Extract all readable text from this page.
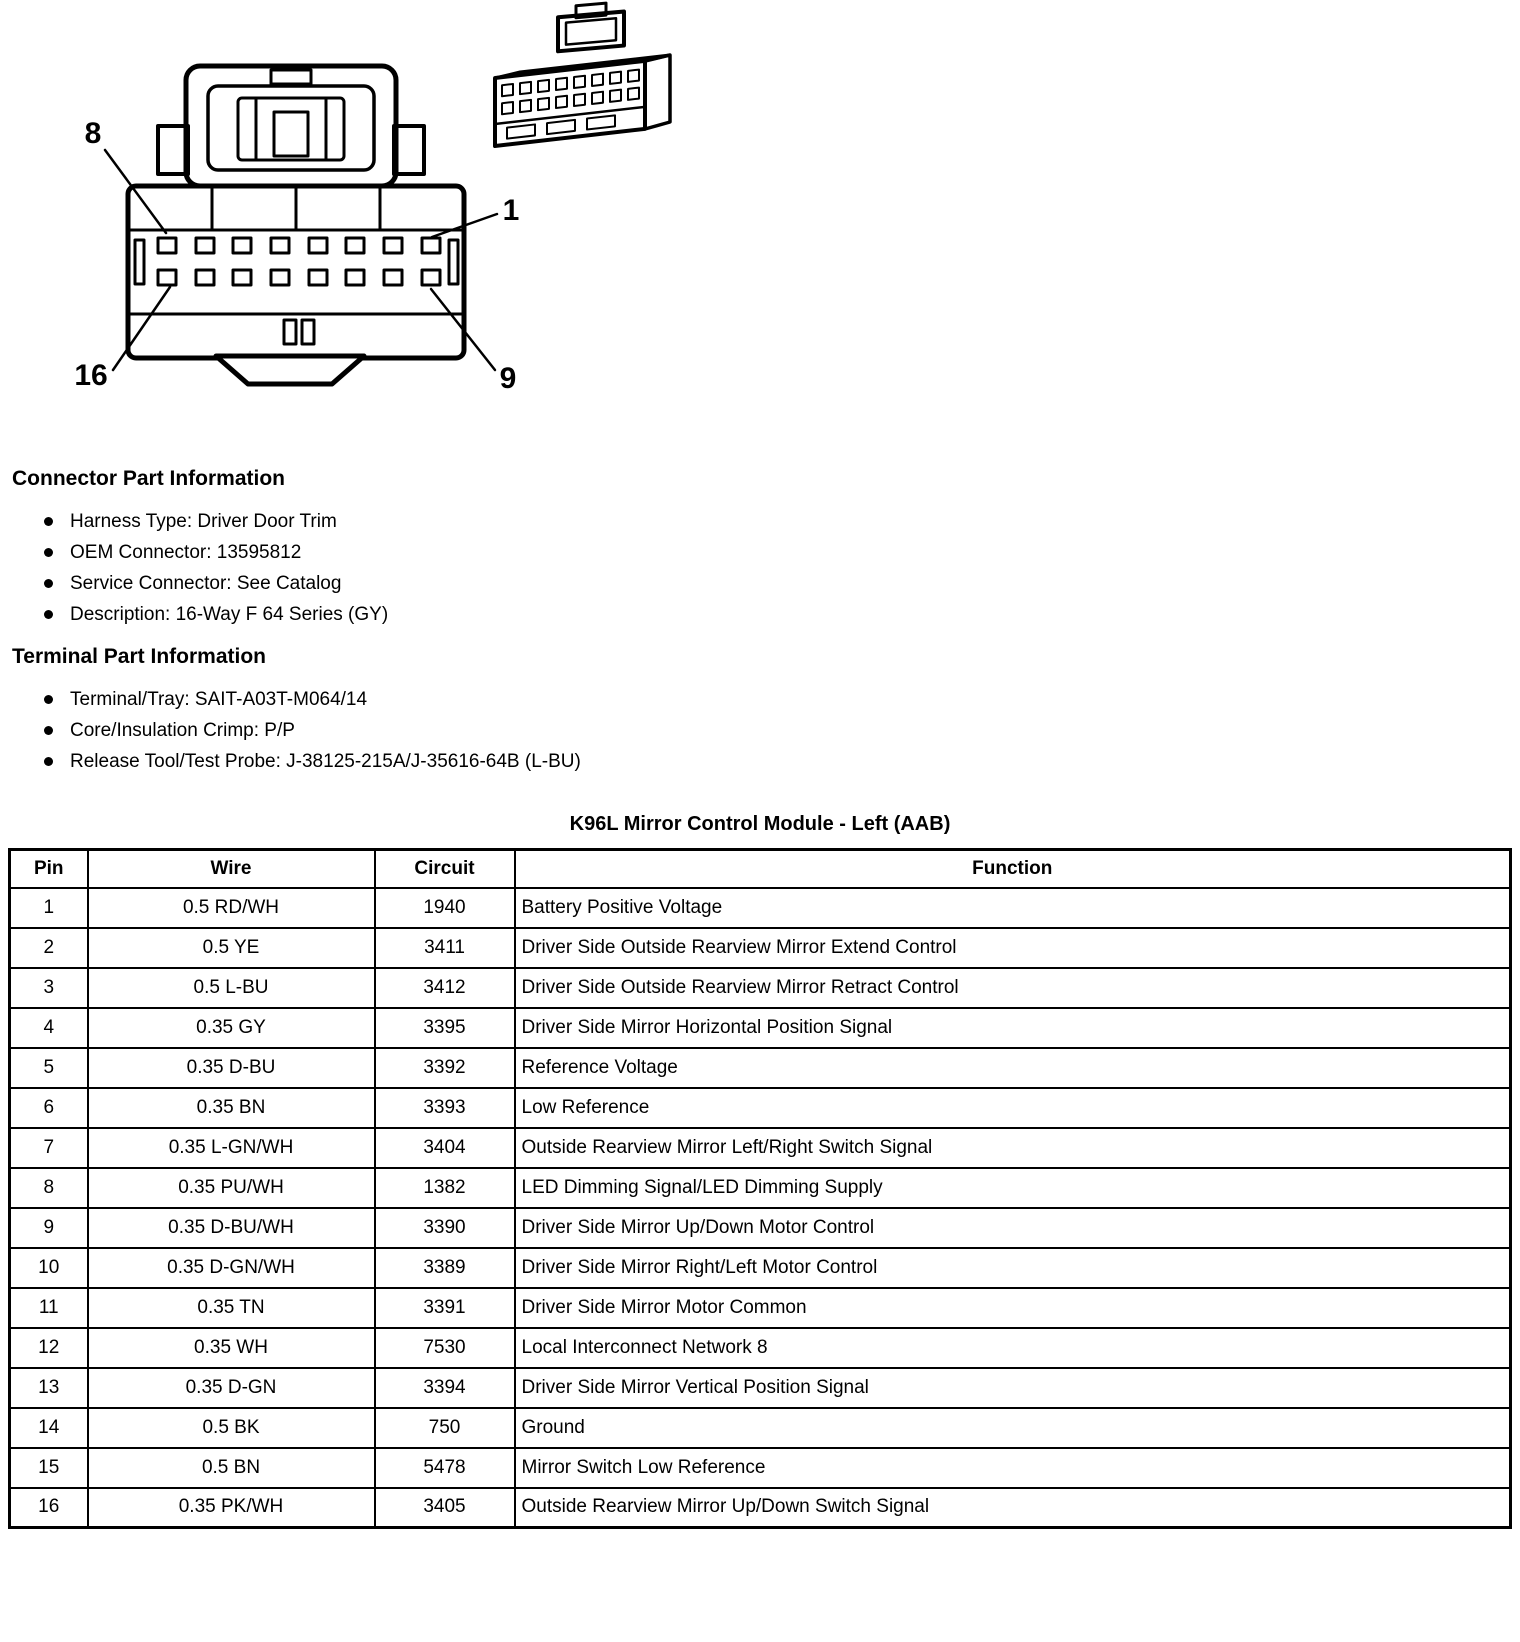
8
1
16	9
Connector Part Information
Harness Type: Driver Door Trim
OEM Connector: 13595812
Service Connector: See Catalog
Description: 16-Way F 64 Series (GY)
Terminal Part Information
Terminal/Tray: SAIT-A03T-M064/14
Core/Insulation Crimp: P/P
Release Tool/Test Probe: J-38125-215A/J-35616-64B (L-BU)
K96L Mirror Control Module - Left (AAB)
Pin	Wire	Circuit	Function
1	0.5 RD/WH	1940	Battery Positive Voltage
2	0.5 YE	3411	Driver Side Outside Rearview Mirror Extend Control
3	0.5 L-BU	3412	Driver Side Outside Rearview Mirror Retract Control
4	0.35 GY	3395	Driver Side Mirror Horizontal Position Signal
5	0.35 D-BU	3392	Reference Voltage
6	0.35 BN	3393	Low Reference
7	0.35 L-GN/WH	3404	Outside Rearview Mirror Left/Right Switch Signal
8	0.35 PU/WH	1382	LED Dimming Signal/LED Dimming Supply
9	0.35 D-BU/WH	3390	Driver Side Mirror Up/Down Motor Control
10	0.35 D-GN/WH	3389	Driver Side Mirror Right/Left Motor Control
11	0.35 TN	3391	Driver Side Mirror Motor Common
12	0.35 WH	7530	Local Interconnect Network 8
13	0.35 D-GN	3394	Driver Side Mirror Vertical Position Signal
14	0.5 BK	750	Ground
15	0.5 BN	5478	Mirror Switch Low Reference
16	0.35 PK/WH	3405	Outside Rearview Mirror Up/Down Switch Signal
